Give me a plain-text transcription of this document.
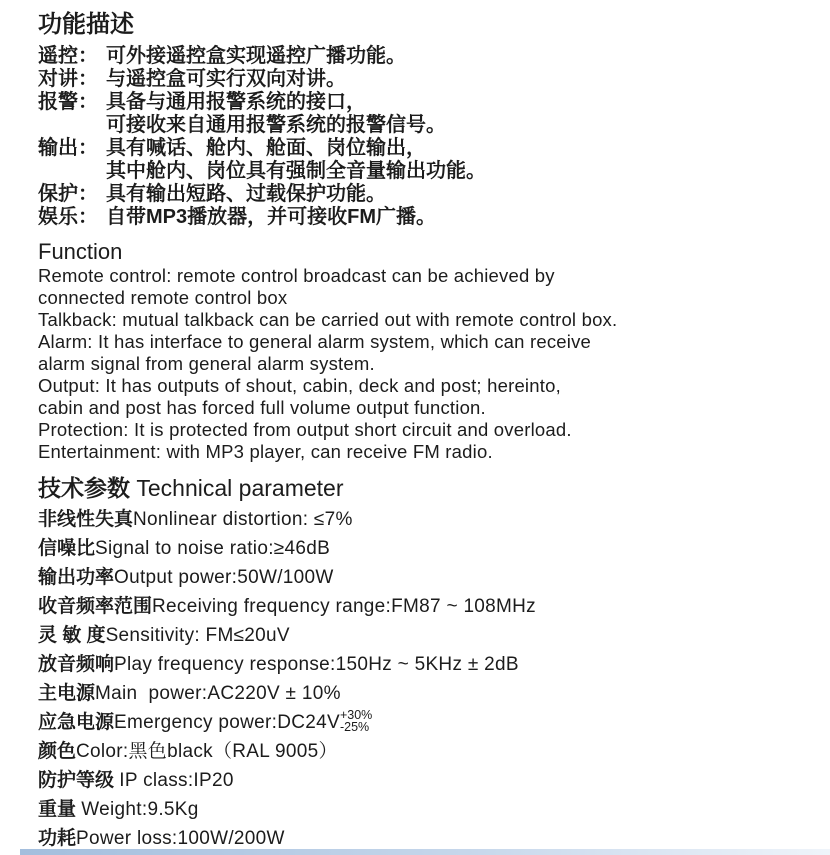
功能描述
遥控： 可外接遥控盒实现遥控广播功能。
对讲： 与遥控盒可实行双向对讲。
报警： 具备与通用报警系统的接口，
可接收来自通用报警系统的报警信号。
输出： 具有喊话、舱内、舱面、岗位输出，
其中舱内、岗位具有强制全音量输出功能。
保护： 具有输出短路、过载保护功能。
娱乐： 自带MP3播放器，并可接收FM广播。
Function
Remote control: remote control broadcast can be achieved by
connected remote control box
Talkback: mutual talkback can be carried out with remote control box.
Alarm: It has interface to general alarm system, which can receive
alarm signal from general alarm system.
Output: It has outputs of shout, cabin, deck and post; hereinto,
cabin and post has forced full volume output function.
Protection: It is protected from output short circuit and overload.
Entertainment: with MP3 player, can receive FM radio.
技术参数 Technical parameter
非线性失真Nonlinear distortion: ≤7%
信噪比Signal to noise ratio:≥46dB
输出功率Output power:50W/100W
收音频率范围Receiving frequency range:FM87 ~ 108MHz
灵 敏 度Sensitivity: FM≤20uV
放音频响Play frequency response:150Hz ~ 5KHz ± 2dB
主电源Main  power:AC220V ± 10%
应急电源Emergency power:DC24V +30%
-25%
颜色Color:黑色black（RAL 9005）
防护等级 IP class:IP20
重量 Weight:9.5Kg
功耗Power loss:100W/200W
